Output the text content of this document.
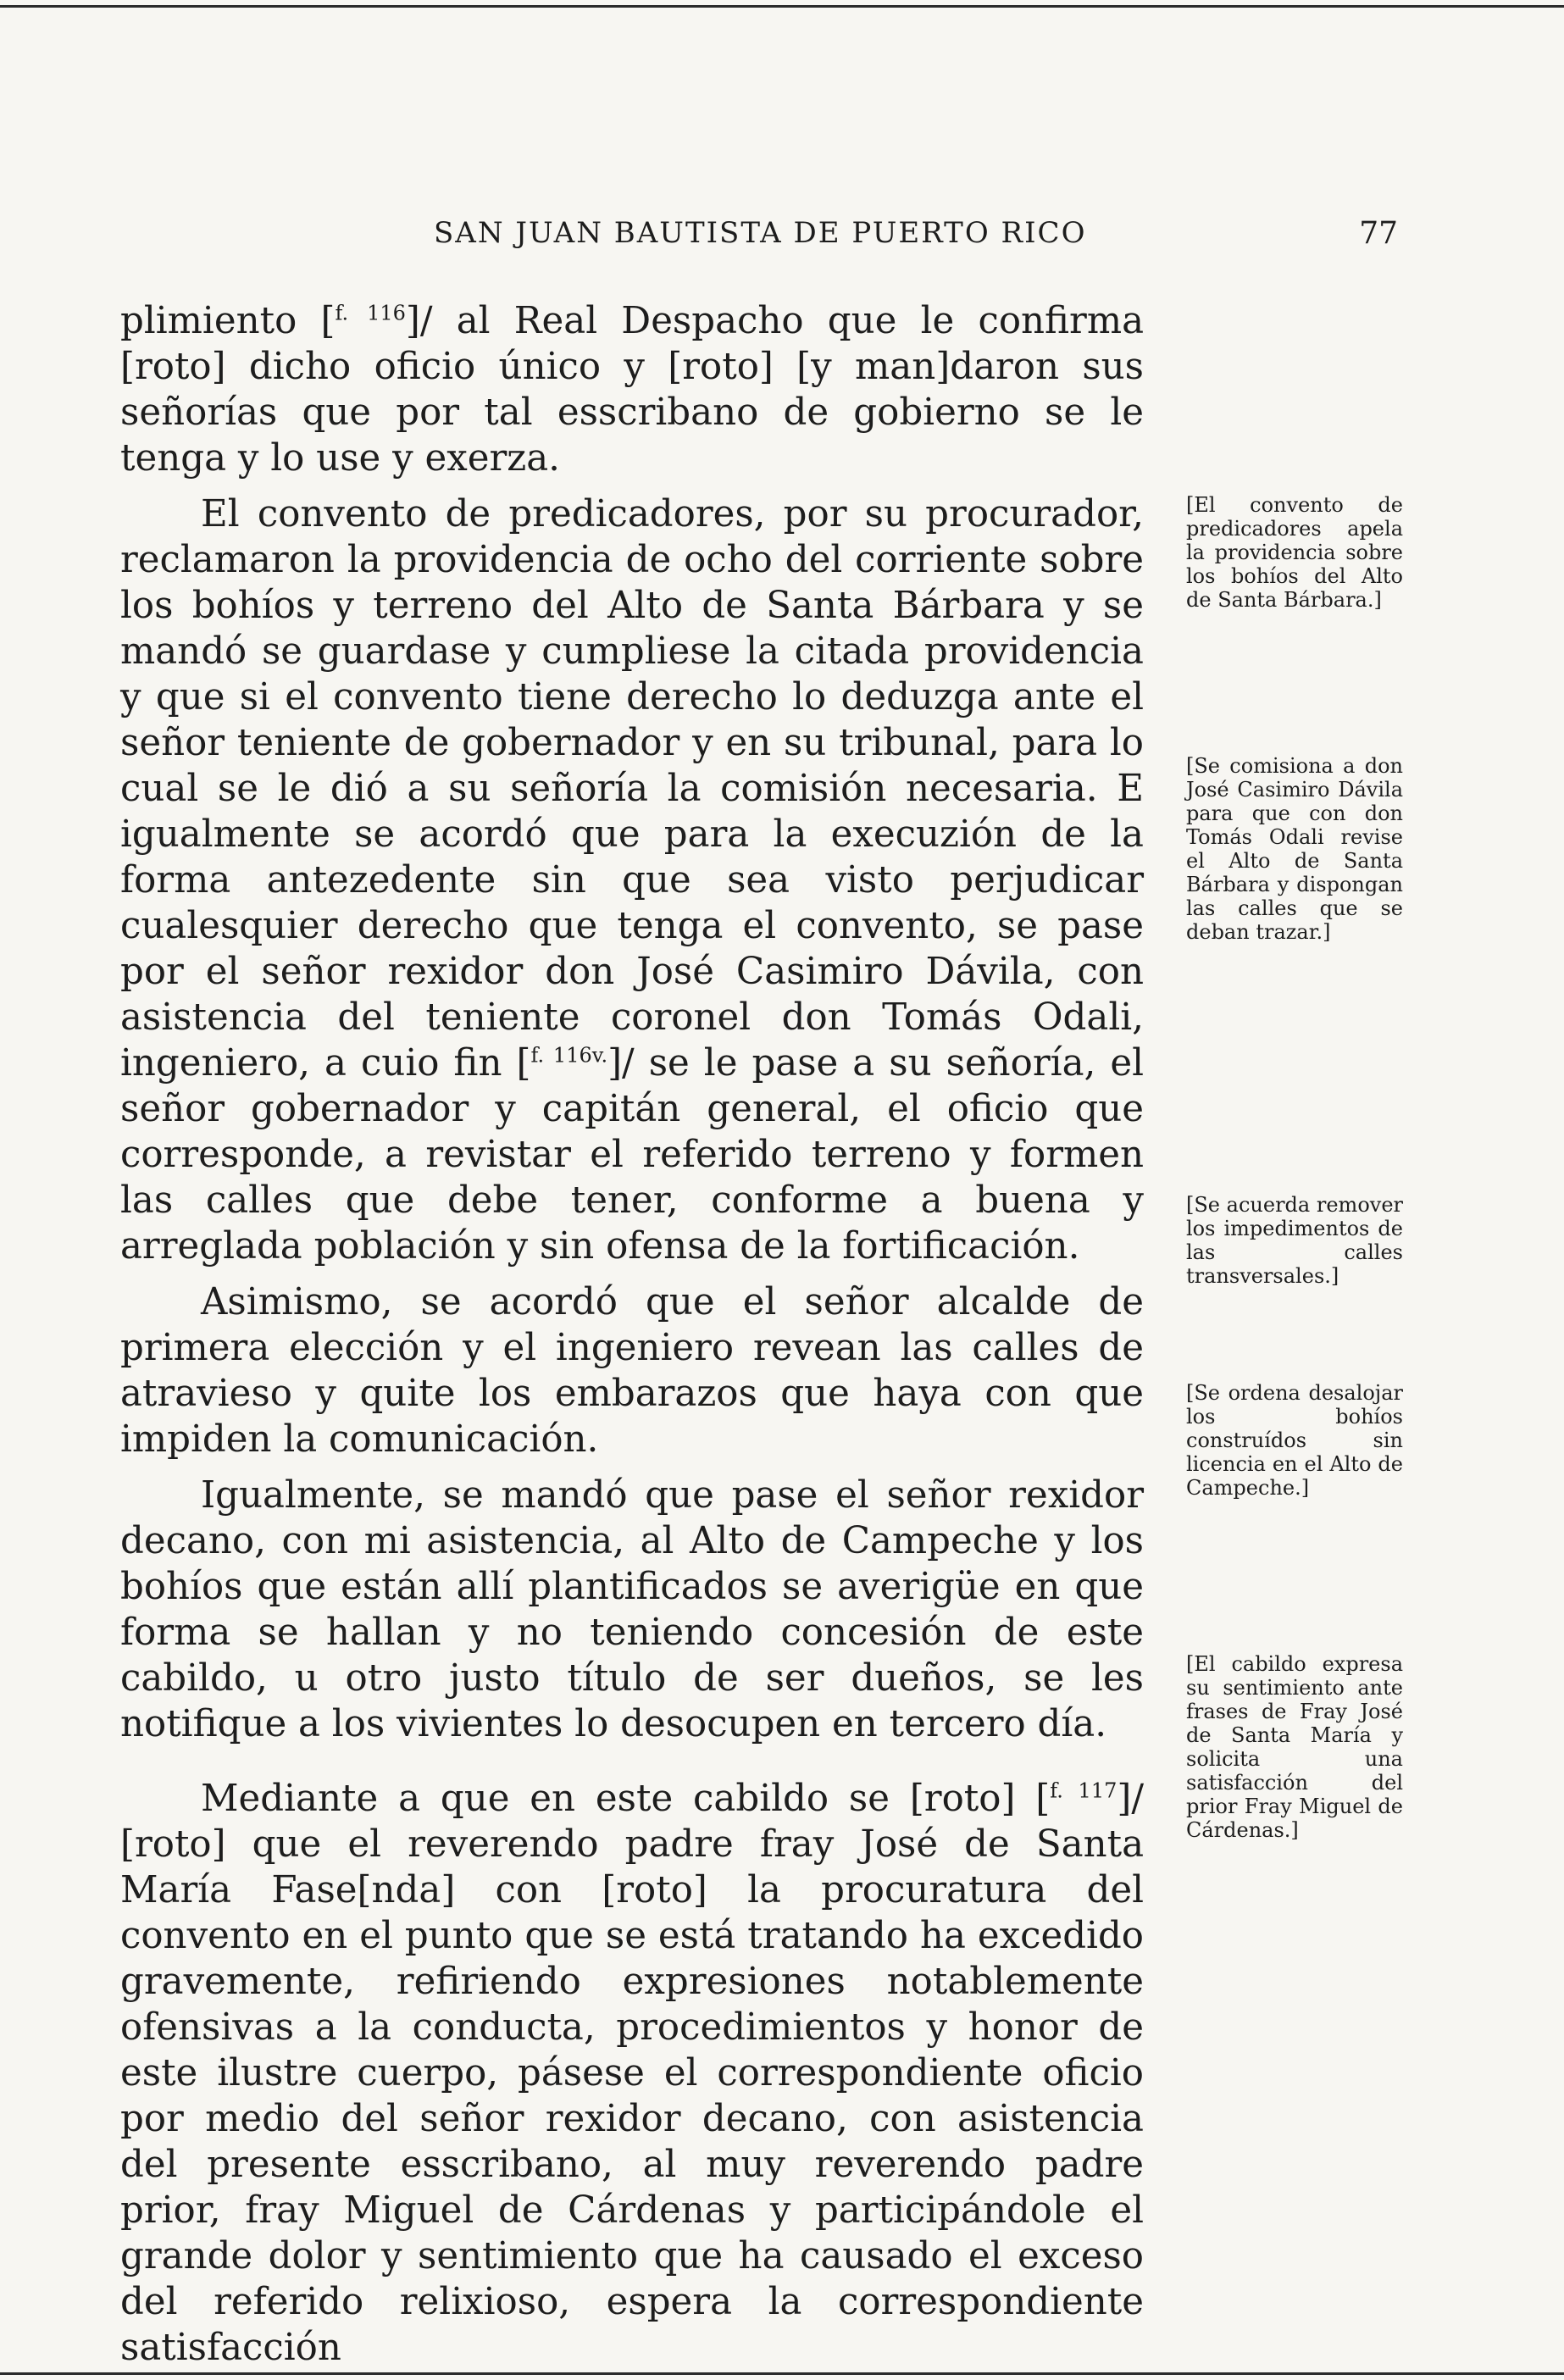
SAN JUAN BAUTISTA DE PUERTO RICO	77

plimiento [$^{f. 116}$]/ al Real Despacho que le confirma [roto] dicho oficio único y [roto] [y man]daron sus señorías que por tal esscribano de gobierno se le tenga y lo use y exerza.

El convento de predicadores, por su procurador, reclamaron la providencia de ocho del corriente sobre los bohíos y terreno del Alto de Santa Bárbara y se mandó se guardase y cumpliese la citada providencia y que si el convento tiene derecho lo deduzga ante el señor teniente de gobernador y en su tribunal, para lo cual se le dió a su señoría la comisión necesaria. E igualmente se acordó que para la execuzión de la forma antezedente sin que sea visto perjudicar cualesquier derecho que tenga el convento, se pase por el señor rexidor don José Casimiro Dávila, con asistencia del teniente coronel don Tomás Odali, ingeniero, a cuio fin [$^{f. 116v.}$]/ se le pase a su señoría, el señor gobernador y capitán general, el oficio que corresponde, a revistar el referido terreno y formen las calles que debe tener, conforme a buena y arreglada población y sin ofensa de la fortificación.

Asimismo, se acordó que el señor alcalde de primera elección y el ingeniero revean las calles de atravieso y quite los embarazos que haya con que impiden la comunicación.

Igualmente, se mandó que pase el señor rexidor decano, con mi asistencia, al Alto de Campeche y los bohíos que están allí plantificados se averigüe en que forma se hallan y no teniendo concesión de este cabildo, u otro justo título de ser dueños, se les notifique a los vivientes lo desocupen en tercero día.

Mediante a que en este cabildo se [roto] [$^{f. 117}$]/ [roto] que el reverendo padre fray José de Santa María Fase[nda] con [roto] la procuratura del convento en el punto que se está tratando ha excedido gravemente, refiriendo expresiones notablemente ofensivas a la conducta, procedimientos y honor de este ilustre cuerpo, pásese el correspondiente oficio por medio del señor rexidor decano, con asistencia del presente esscribano, al muy reverendo padre prior, fray Miguel de Cárdenas y participándole el grande dolor y sentimiento que ha causado el exceso del referido relixioso, espera la correspondiente satisfacción

[El convento de predicadores apela la providencia sobre los bohíos del Alto de Santa Bárbara.]
[Se comisiona a don José Casimiro Dávila para que con don Tomás Odali revise el Alto de Santa Bárbara y dispongan las calles que se deban trazar.]
[Se acuerda remover los impedimentos de las calles transversales.]
[Se ordena desalojar los bohíos construídos sin licencia en el Alto de Campeche.]
[El cabildo expresa su sentimiento ante frases de Fray José de Santa María y solicita una satisfacción del prior Fray Miguel de Cárdenas.]
